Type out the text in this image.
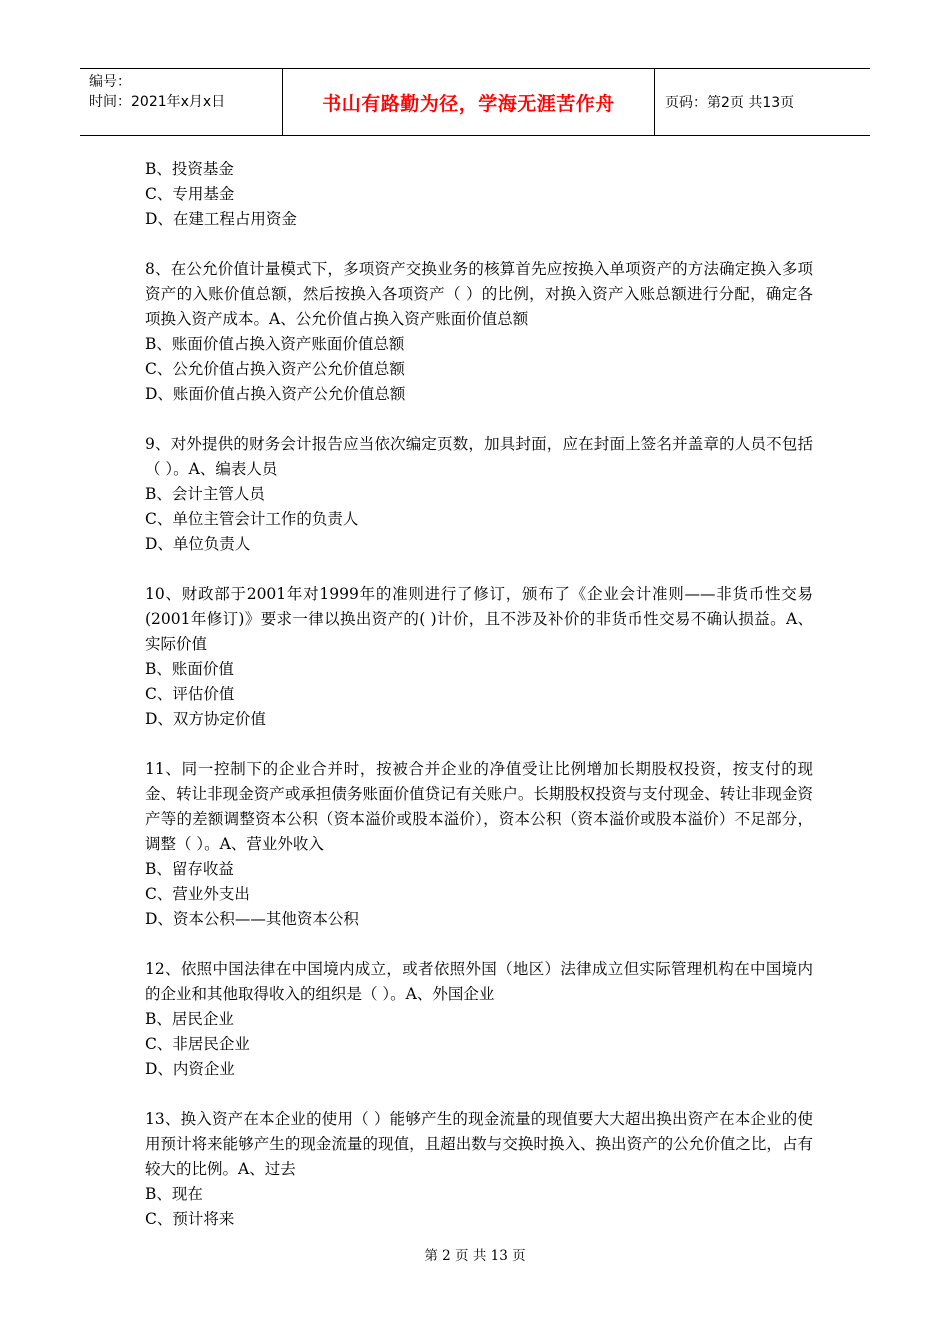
编号：
时间：2021年x月x日	书山有路勤为径，学海无涯苦作舟	页码：第2页 共13页

B、投资基金

C、专用基金

D、在建工程占用资金

8、在公允价值计量模式下，多项资产交换业务的核算首先应按换入单项资产的方法确定换入多项资产的入账价值总额，然后按换入各项资产（ ）的比例，对换入资产入账总额进行分配，确定各项换入资产成本。A、公允价值占换入资产账面价值总额

B、账面价值占换入资产账面价值总额

C、公允价值占换入资产公允价值总额

D、账面价值占换入资产公允价值总额

9、对外提供的财务会计报告应当依次编定页数，加具封面，应在封面上签名并盖章的人员不包括（ ）。A、编表人员

B、会计主管人员

C、单位主管会计工作的负责人

D、单位负责人

10、财政部于2001年对1999年的准则进行了修订，颁布了《企业会计准则——非货币性交易(2001年修订)》要求一律以换出资产的( )计价，且不涉及补价的非货币性交易不确认损益。A、实际价值

B、账面价值

C、评估价值

D、双方协定价值

11、同一控制下的企业合并时，按被合并企业的净值受让比例增加长期股权投资，按支付的现金、转让非现金资产或承担债务账面价值贷记有关账户。长期股权投资与支付现金、转让非现金资产等的差额调整资本公积（资本溢价或股本溢价），资本公积（资本溢价或股本溢价）不足部分，调整（ ）。A、营业外收入

B、留存收益

C、营业外支出

D、资本公积——其他资本公积

12、依照中国法律在中国境内成立，或者依照外国（地区）法律成立但实际管理机构在中国境内的企业和其他取得收入的组织是（ ）。A、外国企业

B、居民企业

C、非居民企业

D、内资企业

13、换入资产在本企业的使用（ ）能够产生的现金流量的现值要大大超出换出资产在本企业的使用预计将来能够产生的现金流量的现值，且超出数与交换时换入、换出资产的公允价值之比，占有较大的比例。A、过去

B、现在

C、预计将来

第 2 页 共 13 页
